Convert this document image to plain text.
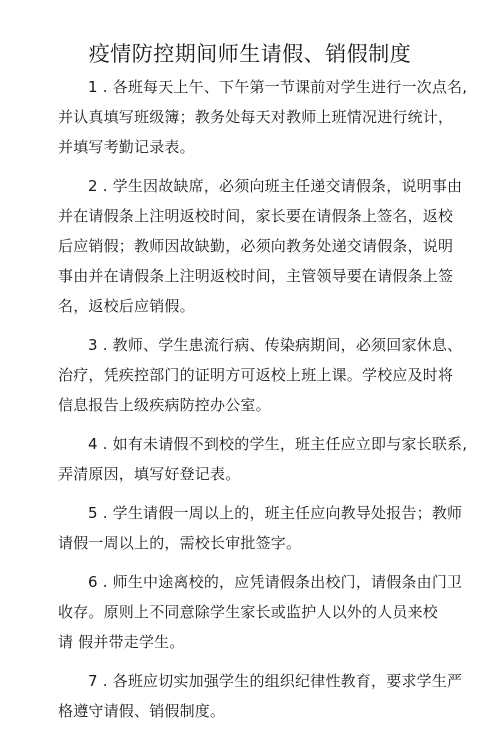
疫情防控期间师生请假、销假制度
1 . 各班每天上午、下午第一节课前对学生进行一次点名,
并认真填写班级簿；教务处每天对教师上班情况进行统计，
并填写考勤记录表。
2 . 学生因故缺席，必须向班主任递交请假条，说明事由
并在请假条上注明返校时间，家长要在请假条上签名，返校
后应销假；教师因故缺勤，必须向教务处递交请假条，说明
事由并在请假条上注明返校时间，主管领导要在请假条上签
名，返校后应销假。
3 . 教师、学生患流行病、传染病期间，必须回家休息、
治疗，凭疾控部门的证明方可返校上班上课。学校应及时将
信息报告上级疾病防控办公室。
4 . 如有未请假不到校的学生，班主任应立即与家长联系,
弄清原因，填写好登记表。
5 . 学生请假一周以上的，班主任应向教导处报告；教师
请假一周以上的，需校长审批签字。
6 . 师生中途离校的，应凭请假条出校门，请假条由门卫
收存。原则上不同意除学生家长或监护人以外的人员来校
请 假并带走学生。
7 . 各班应切实加强学生的组织纪律性教育，要求学生严
格遵守请假、销假制度。
